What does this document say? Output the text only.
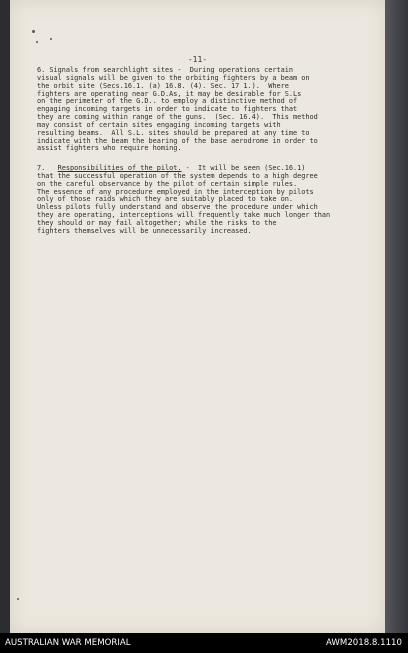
-11-

6. Signals from searchlight sites -  During operations certain
visual signals will be given to the orbiting fighters by a beam on
the orbit site (Secs.16.1. (a) 16.8. (4). Sec. 17 1.).  Where
fighters are operating near G.D.As, it may be desirable for S.Ls
on the perimeter of the G.D.. to employ a distinctive method of
engaging incoming targets in order to indicate to fighters that
they are coming within range of the guns.  (Sec. 16.4).  This method
may consist of certain sites engaging incoming targets with
resulting beams.  All S.L. sites should be prepared at any time to
indicate with the beam the bearing of the base aerodrome in order to
assist fighters who require homing.

7. Responsibilities of the pilot. -  It will be seen (Sec.16.1)
that the successful operation of the system depends to a high degree
on the careful observance by the pilot of certain simple rules.
The essence of any procedure employed in the interception by pilots
only of those raids which they are suitably placed to take on.
Unless pilots fully understand and observe the procedure under which
they are operating, interceptions will frequently take much longer than
they should or may fail altogether; while the risks to the
fighters themselves will be unnecessarily increased.

AUSTRALIAN WAR MEMORIAL	AWM2018.8.1110
